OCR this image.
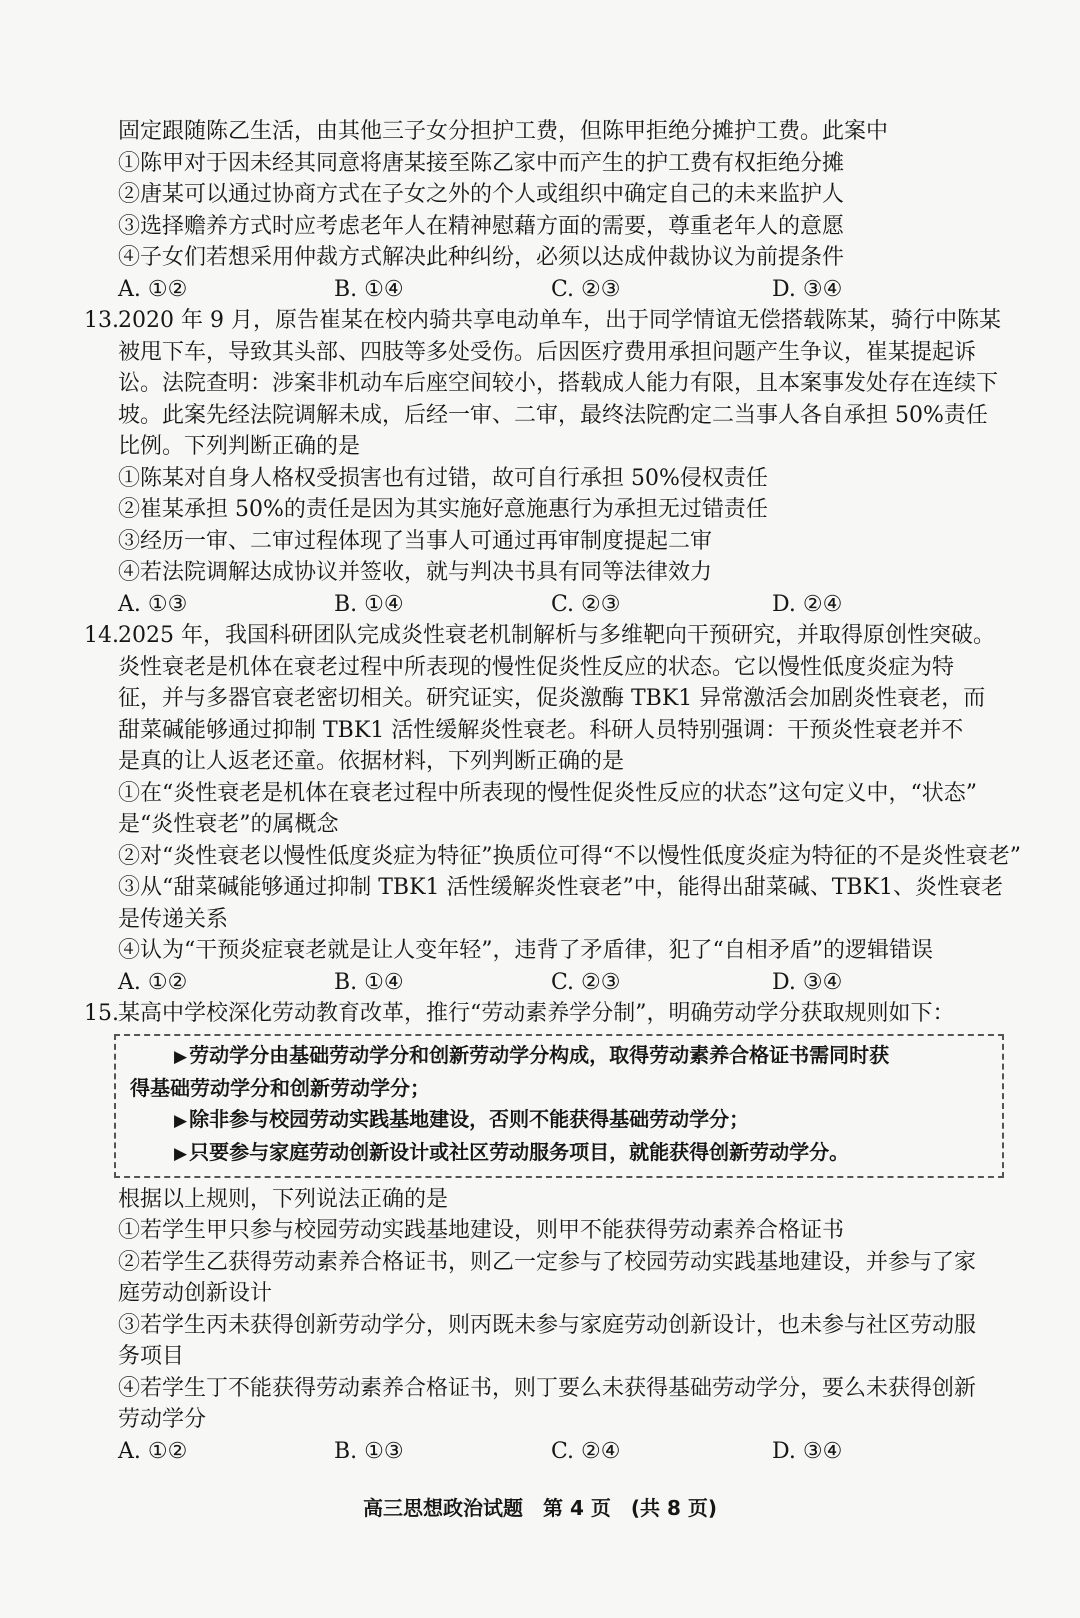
固定跟随陈乙生活，由其他三子女分担护工费，但陈甲拒绝分摊护工费。此案中
①陈甲对于因未经其同意将唐某接至陈乙家中而产生的护工费有权拒绝分摊
②唐某可以通过协商方式在子女之外的个人或组织中确定自己的未来监护人
③选择赡养方式时应考虑老年人在精神慰藉方面的需要，尊重老年人的意愿
④子女们若想采用仲裁方式解决此种纠纷，必须以达成仲裁协议为前提条件
A. ①②	B. ①④	C. ②③	D. ③④
13.2020 年 9 月，原告崔某在校内骑共享电动单车，出于同学情谊无偿搭载陈某，骑行中陈某
被甩下车，导致其头部、四肢等多处受伤。后因医疗费用承担问题产生争议，崔某提起诉
讼。法院查明：涉案非机动车后座空间较小，搭载成人能力有限，且本案事发处存在连续下
坡。此案先经法院调解未成，后经一审、二审，最终法院酌定二当事人各自承担 50%责任
比例。下列判断正确的是
①陈某对自身人格权受损害也有过错，故可自行承担 50%侵权责任
②崔某承担 50%的责任是因为其实施好意施惠行为承担无过错责任
③经历一审、二审过程体现了当事人可通过再审制度提起二审
④若法院调解达成协议并签收，就与判决书具有同等法律效力
A. ①③	B. ①④	C. ②③	D. ②④
14.2025 年，我国科研团队完成炎性衰老机制解析与多维靶向干预研究，并取得原创性突破。
炎性衰老是机体在衰老过程中所表现的慢性促炎性反应的状态。它以慢性低度炎症为特
征，并与多器官衰老密切相关。研究证实，促炎激酶 TBK1 异常激活会加剧炎性衰老，而
甜菜碱能够通过抑制 TBK1 活性缓解炎性衰老。科研人员特别强调：干预炎性衰老并不
是真的让人返老还童。依据材料，下列判断正确的是
①在“炎性衰老是机体在衰老过程中所表现的慢性促炎性反应的状态”这句定义中，“状态”
是“炎性衰老”的属概念
②对“炎性衰老以慢性低度炎症为特征”换质位可得“不以慢性低度炎症为特征的不是炎性衰老”
③从“甜菜碱能够通过抑制 TBK1 活性缓解炎性衰老”中，能得出甜菜碱、TBK1、炎性衰老
是传递关系
④认为“干预炎症衰老就是让人变年轻”，违背了矛盾律，犯了“自相矛盾”的逻辑错误
A. ①②	B. ①④	C. ②③	D. ③④
15.某高中学校深化劳动教育改革，推行“劳动素养学分制”，明确劳动学分获取规则如下：
▶ 劳动学分由基础劳动学分和创新劳动学分构成，取得劳动素养合格证书需同时获
得基础劳动学分和创新劳动学分；
▶ 除非参与校园劳动实践基地建设，否则不能获得基础劳动学分；
▶ 只要参与家庭劳动创新设计或社区劳动服务项目，就能获得创新劳动学分。
根据以上规则，下列说法正确的是
①若学生甲只参与校园劳动实践基地建设，则甲不能获得劳动素养合格证书
②若学生乙获得劳动素养合格证书，则乙一定参与了校园劳动实践基地建设，并参与了家
庭劳动创新设计
③若学生丙未获得创新劳动学分，则丙既未参与家庭劳动创新设计，也未参与社区劳动服
务项目
④若学生丁不能获得劳动素养合格证书，则丁要么未获得基础劳动学分，要么未获得创新
劳动学分
A. ①②	B. ①③	C. ②④	D. ③④
高三思想政治试题　第 4 页　(共 8 页)
